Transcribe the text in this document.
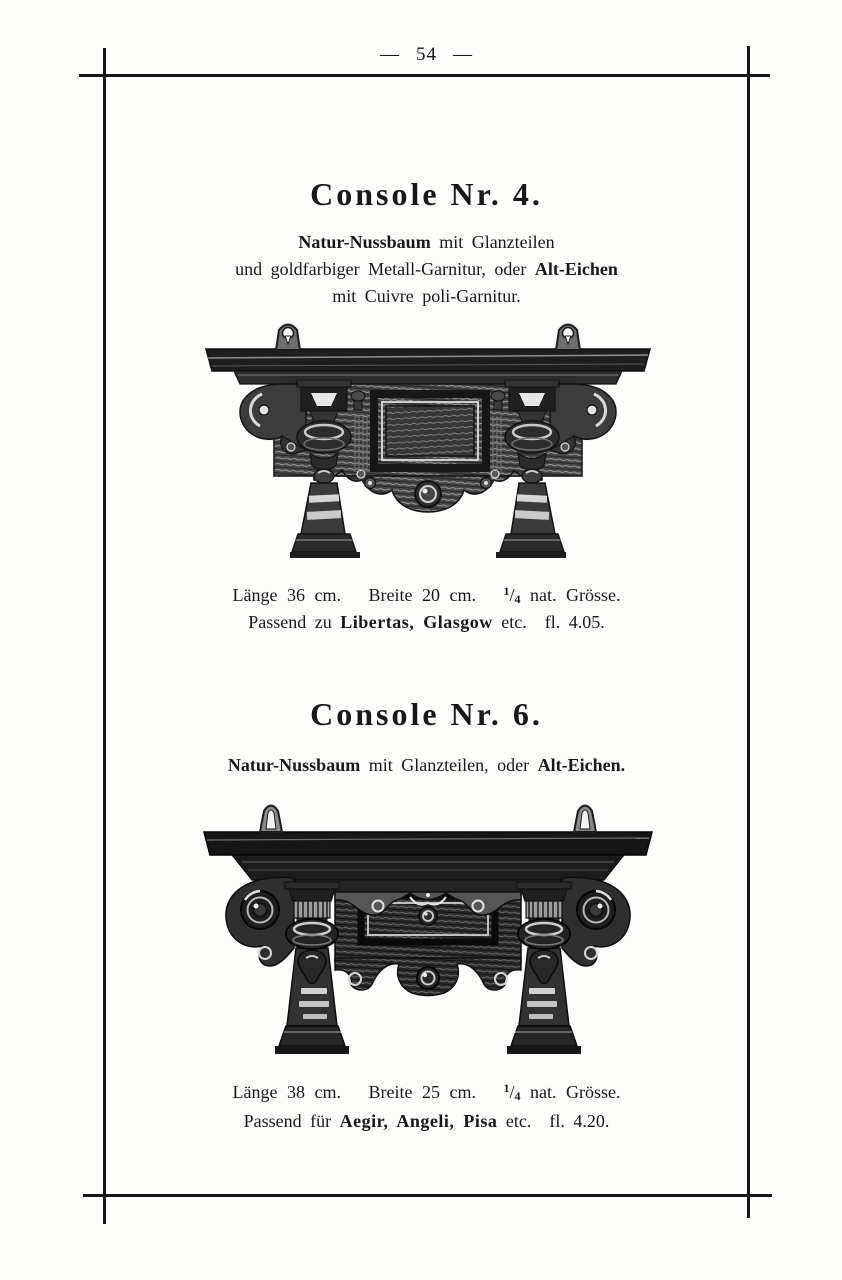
— 54 —
Console Nr. 4.

Natur-Nussbaum mit Glanzteilen
und goldfarbiger Metall-Garnitur, oder Alt-Eichen
mit Cuivre poli-Garnitur.

Länge 36 cm. Breite 20 cm. $^1/_4$ nat. Grösse.

Passend zu Libertas, Glasgow etc. fl. 4.05.

Console Nr. 6.

Natur-Nussbaum mit Glanzteilen, oder Alt-Eichen.

Länge 38 cm. Breite 25 cm. $^1/_4$ nat. Grösse.

Passend für Aegir, Angeli, Pisa etc. fl. 4.20.
